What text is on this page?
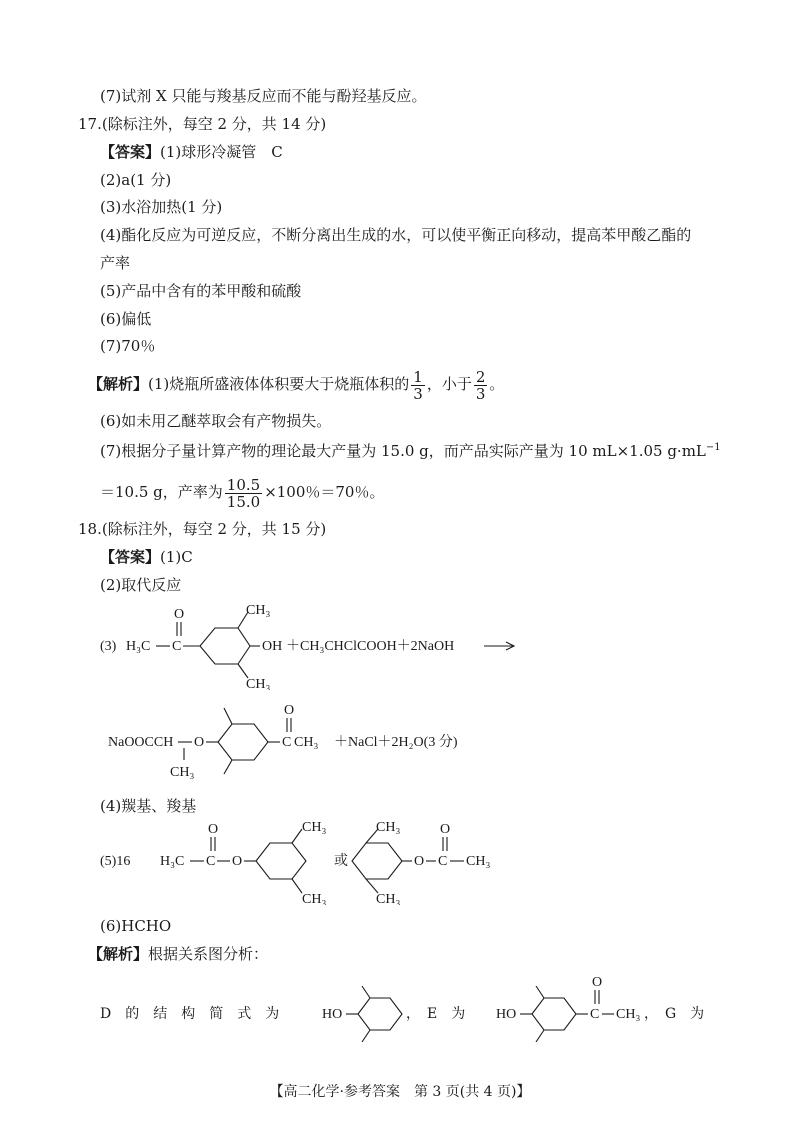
(7)试剂 X 只能与羧基反应而不能与酚羟基反应。
17.(除标注外，每空 2 分，共 14 分)
【答案】(1)球形冷凝管　C
(2)a(1 分)
(3)水浴加热(1 分)
(4)酯化反应为可逆反应，不断分离出生成的水，可以使平衡正向移动，提高苯甲酸乙酯的
产率
(5)产品中含有的苯甲酸和硫酸
(6)偏低
(7)70％
【解析】(1)烧瓶所盛液体体积要大于烧瓶体积的 $\frac{1}{3}$ ，小于 $\frac{2}{3}$ 。
(6)如未用乙醚萃取会有产物损失。
(7)根据分子量计算产物的理论最大产量为 15.0 g，而产品实际产量为 10 mL×1.05 $g\cdot mL^{-1}$
＝10.5 g，产率为 $\frac{10.5}{15.0} \times 100$％＝70％。
18.(除标注外，每空 2 分，共 15 分)
【答案】(1)C
(2)取代反应
(3) H₃C C
O	CH₃
CH₃
OH ＋CH₃CHClCOOH＋2NaOH
NaOOCCH O
CH₃
C
O
CH₃ ＋NaCl＋2H₂O(3 分)
(4)羰基、羧基
(5)16 H₃C C
O
O
CH₃
CH₃
或
CH₃
CH₃
O C
O
CH₃
(6)HCHO
【解析】根据关系图分析：
D　的　结　构　简　式　为	HO	，　E　为 HO	C
O
CH₃ ，　G　为
【高二化学·参考答案　第 3 页(共 4 页)】
